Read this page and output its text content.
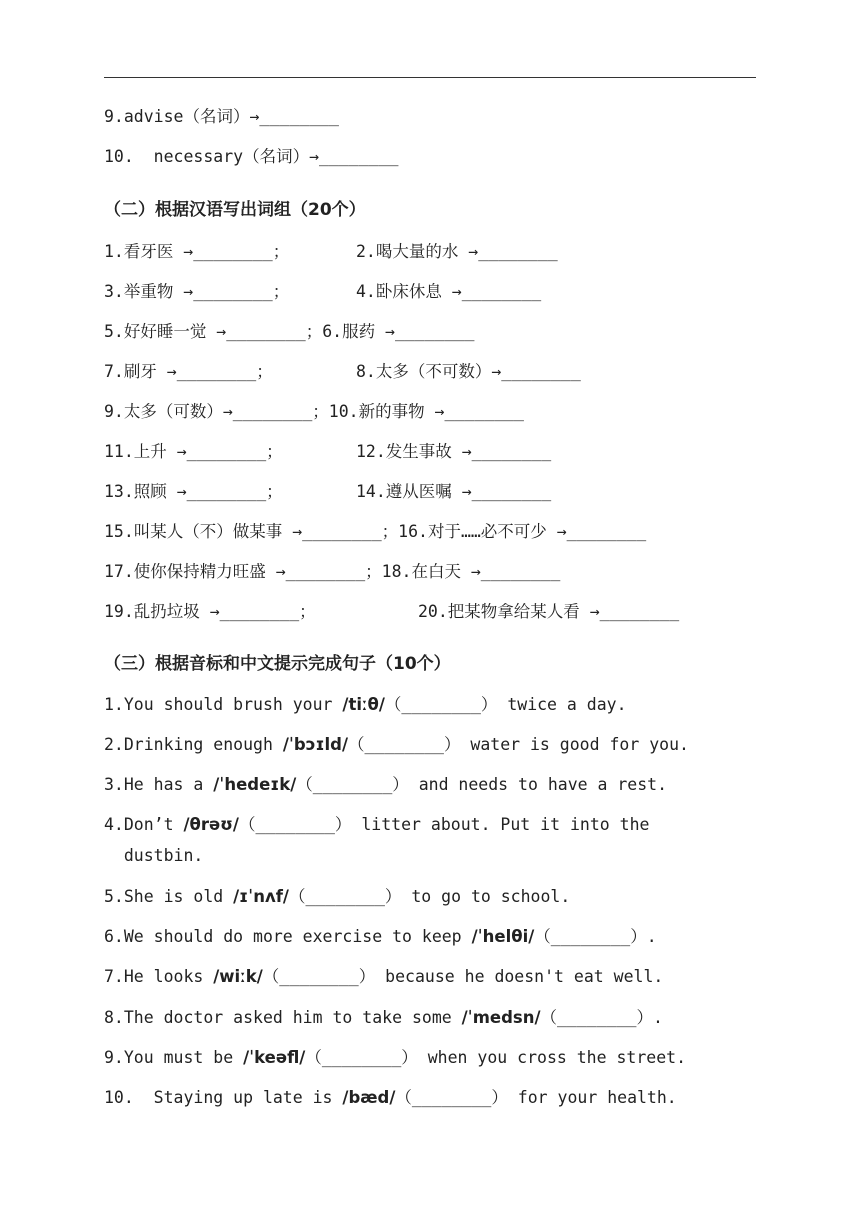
9.advise（名词）→________
10.  necessary（名词）→________
（二）根据汉语写出词组（20个）
1.看牙医 →________；	2.喝大量的水 →________
3.举重物 →________；	4.卧床休息 →________
5.好好睡一觉 →________；6.服药 →________
7.刷牙 →________；	8.太多（不可数）→________
9.太多（可数）→________；10.新的事物 →________
11.上升 →________；	12.发生事故 →________
13.照顾 →________；	14.遵从医嘱 →________
15.叫某人（不）做某事 →________；16.对于……必不可少 →________
17.使你保持精力旺盛 →________；18.在白天 →________
19.乱扔垃圾 →________；	20.把某物拿给某人看 →________
（三）根据音标和中文提示完成句子（10个）
1.You should brush your /tiːθ/（________） twice a day.
2.Drinking enough /ˈbɔɪld/（________） water is good for you.
3.He has a /ˈhedeɪk/（________） and needs to have a rest.
4.Don’t /θrəʊ/（________） litter about. Put it into the
dustbin.
5.She is old /ɪˈnʌf/（________） to go to school.
6.We should do more exercise to keep /ˈhelθi/（________）.
7.He looks /wiːk/（________） because he doesn't eat well.
8.The doctor asked him to take some /ˈmedsn/（________）.
9.You must be /ˈkeəfl/（________） when you cross the street.
10.  Staying up late is /bæd/（________） for your health.
